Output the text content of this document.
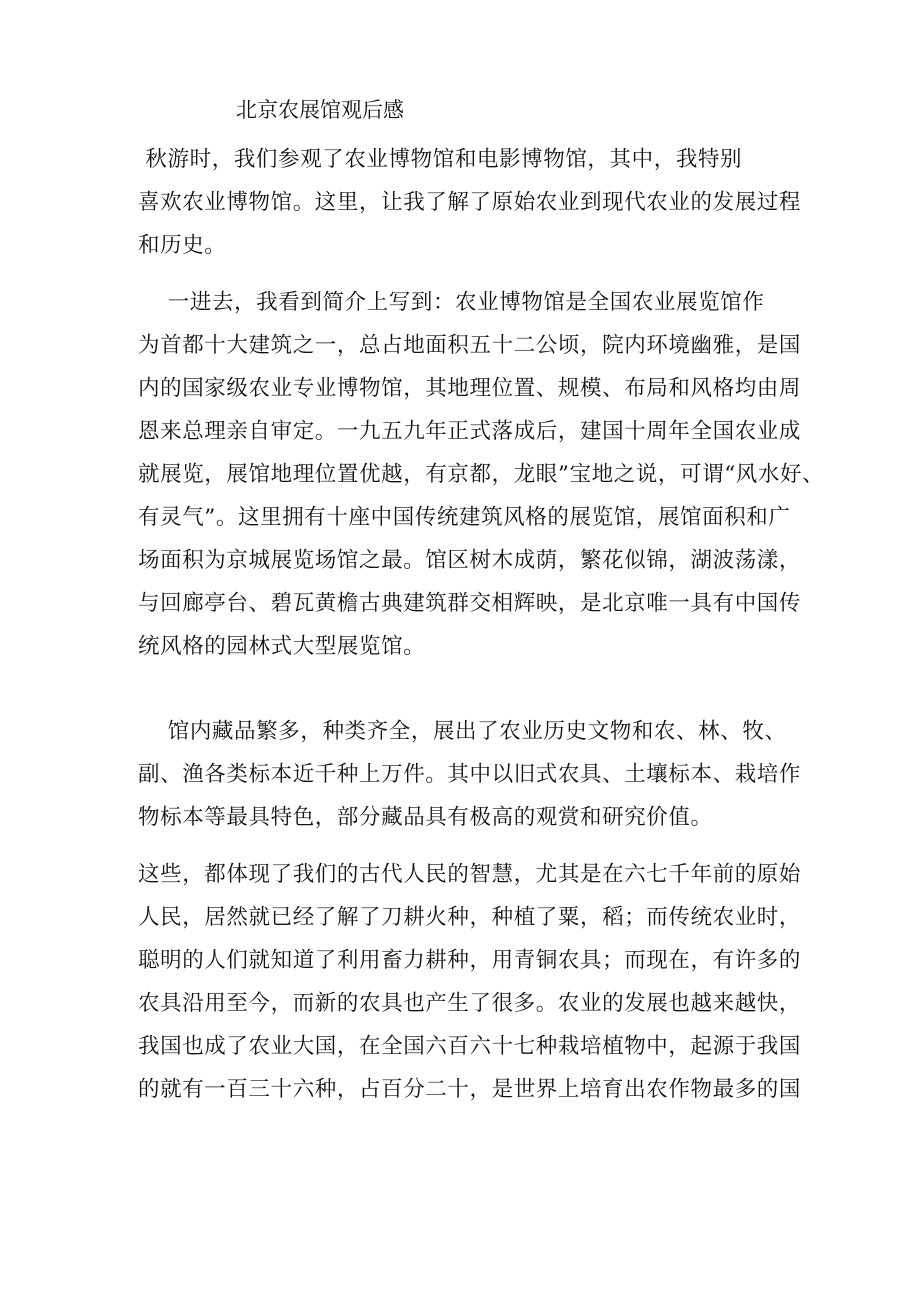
北京农展馆观后感
秋游时，我们参观了农业博物馆和电影博物馆，其中，我特别
喜欢农业博物馆。这里，让我了解了原始农业到现代农业的发展过程
和历史。
一进去，我看到简介上写到：农业博物馆是全国农业展览馆作
为首都十大建筑之一，总占地面积五十二公顷，院内环境幽雅，是国
内的国家级农业专业博物馆，其地理位置、规模、布局和风格均由周
恩来总理亲自审定。一九五九年正式落成后，建国十周年全国农业成
就展览，展馆地理位置优越，有京都，龙眼”宝地之说，可谓“风水好、
有灵气”。这里拥有十座中国传统建筑风格的展览馆，展馆面积和广
场面积为京城展览场馆之最。馆区树木成荫，繁花似锦，湖波荡漾，
与回廊亭台、碧瓦黄檐古典建筑群交相辉映，是北京唯一具有中国传
统风格的园林式大型展览馆。
馆内藏品繁多，种类齐全，展出了农业历史文物和农、林、牧、
副、渔各类标本近千种上万件。其中以旧式农具、土壤标本、栽培作
物标本等最具特色，部分藏品具有极高的观赏和研究价值。
这些，都体现了我们的古代人民的智慧，尤其是在六七千年前的原始
人民，居然就已经了解了刀耕火种，种植了粟，稻；而传统农业时，
聪明的人们就知道了利用畜力耕种，用青铜农具；而现在，有许多的
农具沿用至今，而新的农具也产生了很多。农业的发展也越来越快，
我国也成了农业大国，在全国六百六十七种栽培植物中，起源于我国
的就有一百三十六种，占百分二十，是世界上培育出农作物最多的国
